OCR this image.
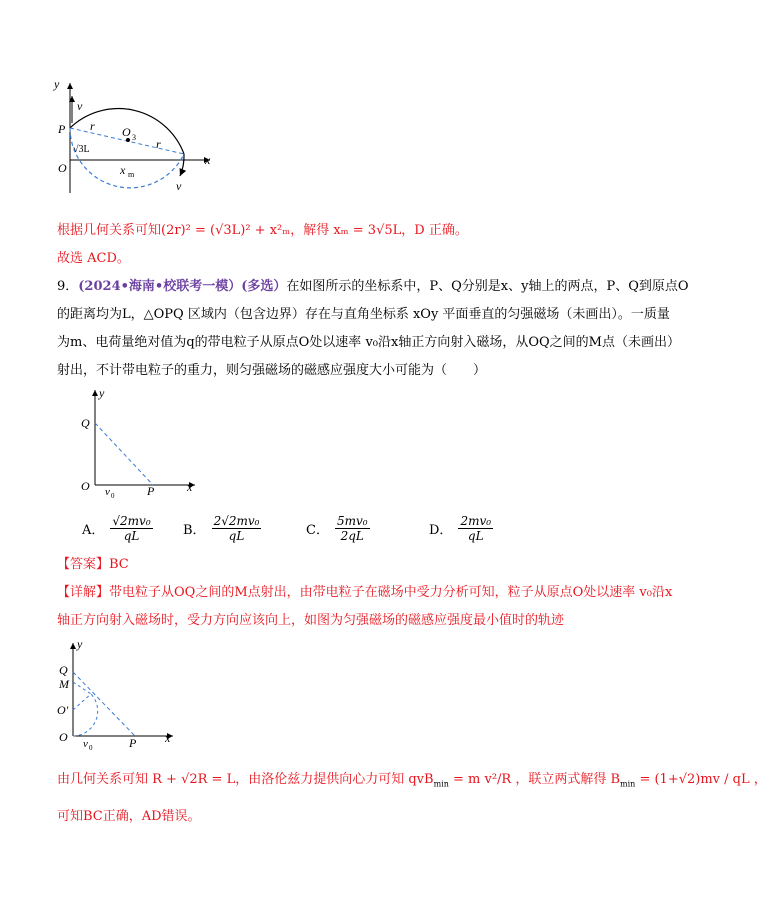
y
v
P r O 3 r
√3L
O	x m
x
v
根据几何关系可知(2r)² = (√3L)² + x²ₘ，解得 xₘ = 3√5L，D 正确。
故选 ACD。
9．(2024•海南•校联考一模）(多选）在如图所示的坐标系中，P、Q分别是x、y轴上的两点，P、Q到原点O
的距离均为L，△OPQ 区域内（包含边界）存在与直角坐标系 xOy 平面垂直的匀强磁场（未画出）。一质量
为m、电荷量绝对值为q的带电粒子从原点O处以速率 v₀沿x轴正方向射入磁场，从OQ之间的M点（未画出）
射出，不计带电粒子的重力，则匀强磁场的磁感应强度大小可能为（　　）
y
Q
O v 0	P	x
A． $\frac{\text{√2mv₀}}{qL}$ B． $\frac{\text{2√2mv₀}}{qL}$	C． $\frac{\text{5mv₀}}{2qL}$	D． $\frac{\text{2mv₀}}{qL}$
【答案】BC
【详解】带电粒子从OQ之间的M点射出，由带电粒子在磁场中受力分析可知，粒子从原点O处以速率 v₀沿x
轴正方向射入磁场时，受力方向应该向上，如图为匀强磁场的磁感应强度最小值时的轨迹
y
Q
M
O'
O v 0	P x
由几何关系可知 R + √2R = L，由洛伦兹力提供向心力可知 qvB$_{min}$ = m v²/R ，联立两式解得 $B_{min} = (1+√2)mv$ / qL ，
可知BC正确，AD错误。
